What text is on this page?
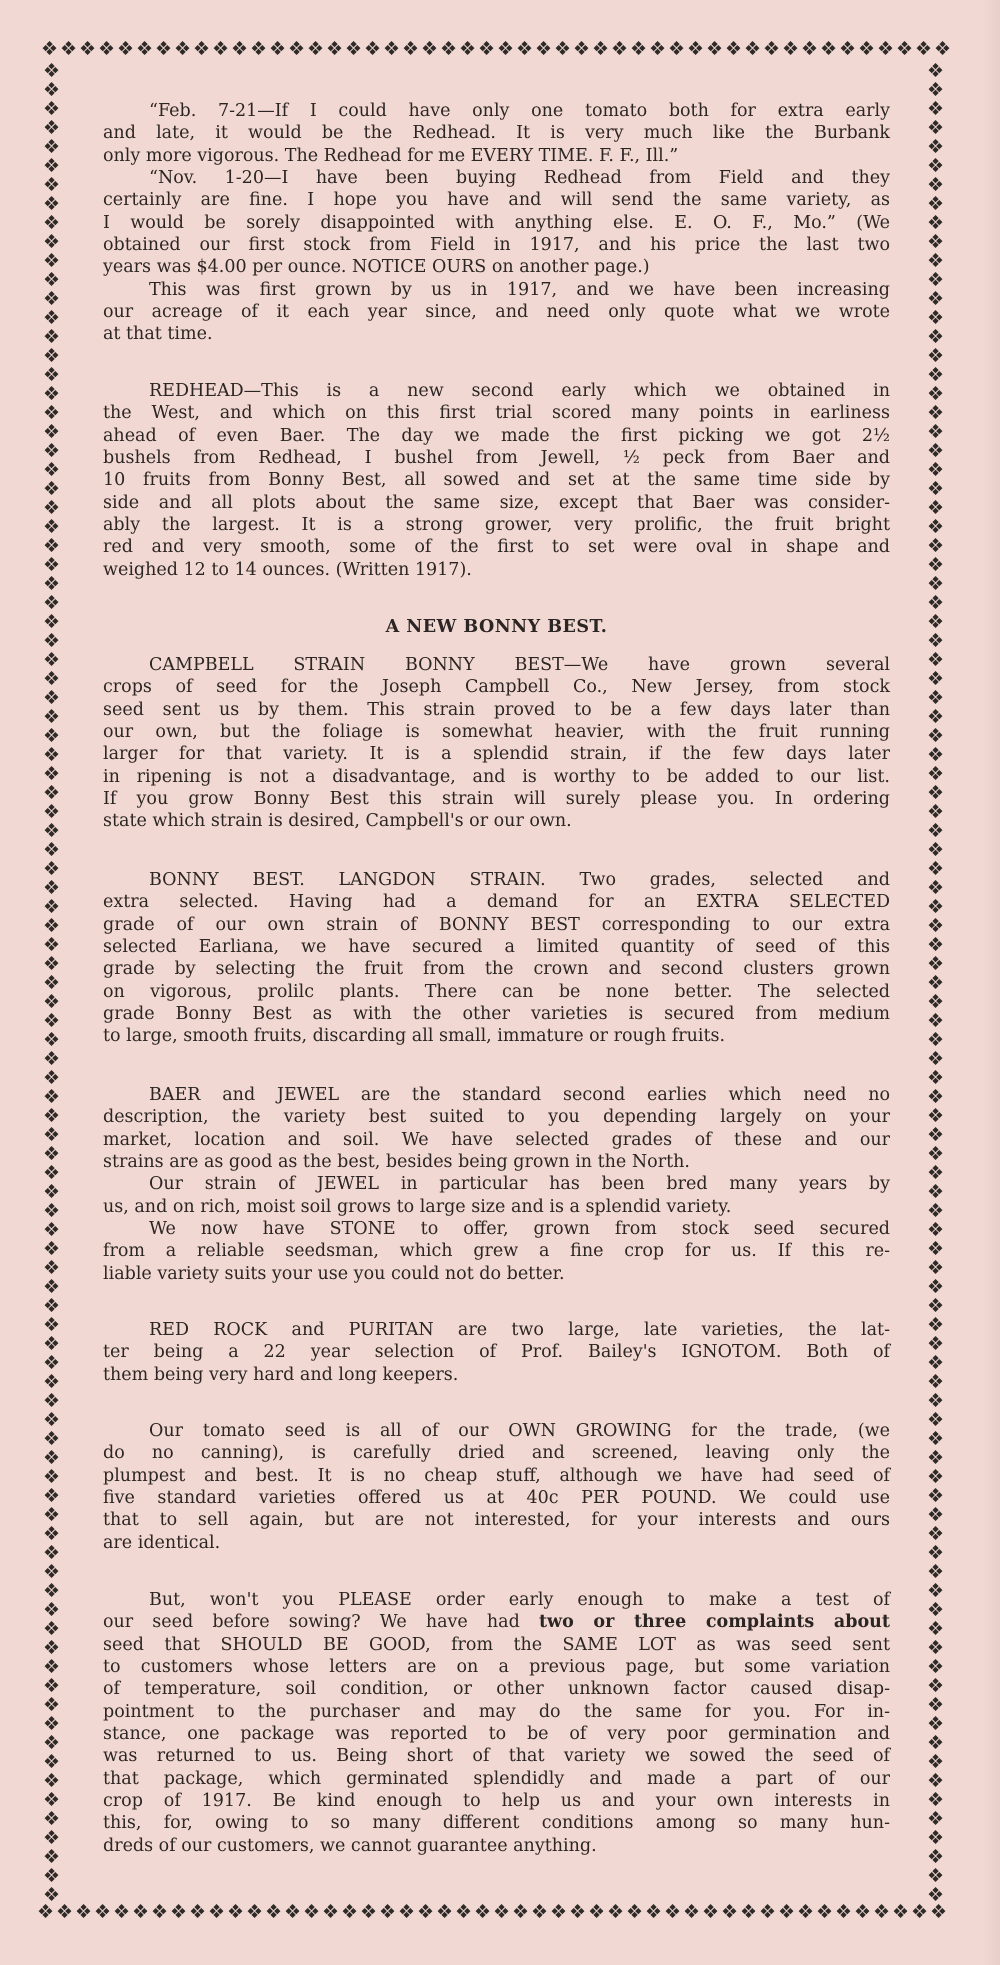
❖ ❖ ❖ ❖ ❖ ❖ ❖ ❖ ❖ ❖ ❖ ❖ ❖ ❖ ❖ ❖ ❖ ❖ ❖ ❖ ❖ ❖ ❖ ❖ ❖ ❖ ❖ ❖ ❖ ❖ ❖ ❖ ❖ ❖ ❖ ❖ ❖ ❖ ❖ ❖ ❖ ❖ ❖ ❖ ❖ ❖ ❖ ❖
❖ ❖ ❖ ❖ ❖ ❖ ❖ ❖ ❖ ❖ ❖ ❖ ❖ ❖ ❖ ❖ ❖ ❖ ❖ ❖ ❖ ❖ ❖ ❖ ❖ ❖ ❖ ❖ ❖ ❖ ❖ ❖ ❖ ❖ ❖ ❖ ❖ ❖ ❖ ❖ ❖ ❖ ❖ ❖ ❖ ❖ ❖ ❖
❖
❖
❖
❖
❖
❖
❖
❖
❖
❖
❖
❖
❖
❖
❖
❖
❖
❖
❖
❖
❖
❖
❖
❖
❖
❖
❖
❖
❖
❖
❖
❖
❖
❖
❖
❖
❖
❖
❖
❖
❖
❖
❖
❖
❖
❖
❖
❖
❖
❖
❖
❖
❖
❖
❖
❖
❖
❖
❖
❖
❖
❖
❖
❖
❖
❖
❖
❖
❖
❖
❖
❖
❖
❖
❖
❖
❖
❖
❖
❖
❖
❖
❖
❖
❖
❖
❖
❖
❖
❖
❖
❖
❖
❖
❖
❖
❖
❖
❖
❖
❖
❖
❖
❖
❖
❖
❖
❖
❖
❖
❖
❖
❖
❖
❖
❖
❖
❖
❖
❖
❖
❖
❖
❖
❖
❖
❖
❖
❖
❖
❖
❖
❖
❖
❖
❖
❖
❖
❖
❖
❖
❖
❖
❖
❖
❖
❖
❖
❖
❖
❖
❖
❖
❖
❖
❖
❖
❖
❖
❖
❖
❖
❖
❖
❖
❖
❖
❖
❖
❖
❖
❖
❖
❖
❖
❖
❖
❖
❖
❖
❖
❖
❖
❖
❖
❖
❖
❖
❖
❖
❖
❖
❖
❖
“Feb. 7-21—If I could have only one tomato both for extra early
and late, it would be the Redhead. It is very much like the Burbank
only more vigorous. The Redhead for me EVERY TIME. F. F., Ill.”
“Nov. 1-20—I have been buying Redhead from Field and they
certainly are fine. I hope you have and will send the same variety, as
I would be sorely disappointed with anything else. E. O. F., Mo.” (We
obtained our first stock from Field in 1917, and his price the last two
years was $4.00 per ounce. NOTICE OURS on another page.)
This was first grown by us in 1917, and we have been increasing
our acreage of it each year since, and need only quote what we wrote
at that time.
REDHEAD—This is a new second early which we obtained in
the West, and which on this first trial scored many points in earliness
ahead of even Baer. The day we made the first picking we got 2½
bushels from Redhead, I bushel from Jewell, ½ peck from Baer and
10 fruits from Bonny Best, all sowed and set at the same time side by
side and all plots about the same size, except that Baer was consider-
ably the largest. It is a strong grower, very prolific, the fruit bright
red and very smooth, some of the first to set were oval in shape and
weighed 12 to 14 ounces. (Written 1917).
A NEW BONNY BEST.
CAMPBELL STRAIN BONNY BEST—We have grown several
crops of seed for the Joseph Campbell Co., New Jersey, from stock
seed sent us by them. This strain proved to be a few days later than
our own, but the foliage is somewhat heavier, with the fruit running
larger for that variety. It is a splendid strain, if the few days later
in ripening is not a disadvantage, and is worthy to be added to our list.
If you grow Bonny Best this strain will surely please you. In ordering
state which strain is desired, Campbell's or our own.
BONNY BEST. LANGDON STRAIN. Two grades, selected and
extra selected. Having had a demand for an EXTRA SELECTED
grade of our own strain of BONNY BEST corresponding to our extra
selected Earliana, we have secured a limited quantity of seed of this
grade by selecting the fruit from the crown and second clusters grown
on vigorous, prolilc plants. There can be none better. The selected
grade Bonny Best as with the other varieties is secured from medium
to large, smooth fruits, discarding all small, immature or rough fruits.
BAER and JEWEL are the standard second earlies which need no
description, the variety best suited to you depending largely on your
market, location and soil. We have selected grades of these and our
strains are as good as the best, besides being grown in the North.
Our strain of JEWEL in particular has been bred many years by
us, and on rich, moist soil grows to large size and is a splendid variety.
We now have STONE to offer, grown from stock seed secured
from a reliable seedsman, which grew a fine crop for us. If this re-
liable variety suits your use you could not do better.
RED ROCK and PURITAN are two large, late varieties, the lat-
ter being a 22 year selection of Prof. Bailey's IGNOTOM. Both of
them being very hard and long keepers.
Our tomato seed is all of our OWN GROWING for the trade, (we
do no canning), is carefully dried and screened, leaving only the
plumpest and best. It is no cheap stuff, although we have had seed of
five standard varieties offered us at 40c PER POUND. We could use
that to sell again, but are not interested, for your interests and ours
are identical.
But, won't you PLEASE order early enough to make a test of
our seed before sowing? We have had two or three complaints about
seed that SHOULD BE GOOD, from the SAME LOT as was seed sent
to customers whose letters are on a previous page, but some variation
of temperature, soil condition, or other unknown factor caused disap-
pointment to the purchaser and may do the same for you. For in-
stance, one package was reported to be of very poor germination and
was returned to us. Being short of that variety we sowed the seed of
that package, which germinated splendidly and made a part of our
crop of 1917. Be kind enough to help us and your own interests in
this, for, owing to so many different conditions among so many hun-
dreds of our customers, we cannot guarantee anything.
